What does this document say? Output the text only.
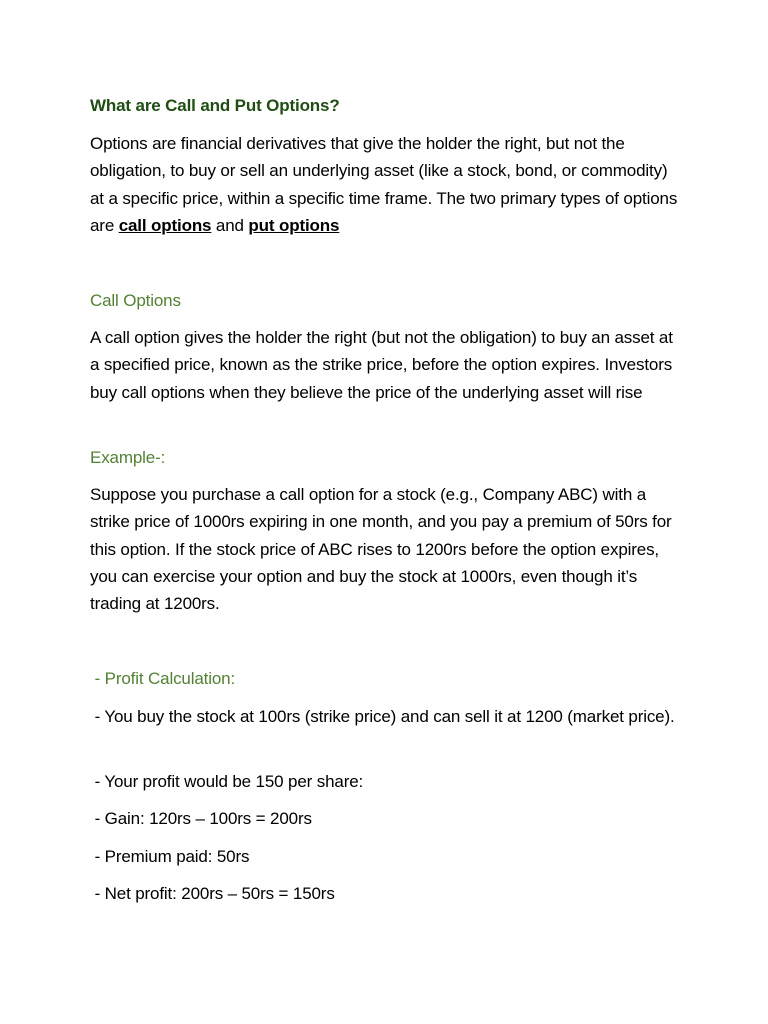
What are Call and Put Options?

Options are financial derivatives that give the holder the right, but not the obligation, to buy or sell an underlying asset (like a stock, bond, or commodity) at a specific price, within a specific time frame. The two primary types of options are call options and put options

Call Options

A call option gives the holder the right (but not the obligation) to buy an asset at a specified price, known as the strike price, before the option expires. Investors buy call options when they believe the price of the underlying asset will rise

Example-:

Suppose you purchase a call option for a stock (e.g., Company ABC) with a strike price of 1000rs expiring in one month, and you pay a premium of 50rs for this option. If the stock price of ABC rises to 1200rs before the option expires, you can exercise your option and buy the stock at 1000rs, even though it’s trading at 1200rs.

- Profit Calculation:

- You buy the stock at 100rs (strike price) and can sell it at 1200 (market price).

- Your profit would be 150 per share:

- Gain: 120rs – 100rs = 200rs

- Premium paid: 50rs

- Net profit: 200rs – 50rs = 150rs
